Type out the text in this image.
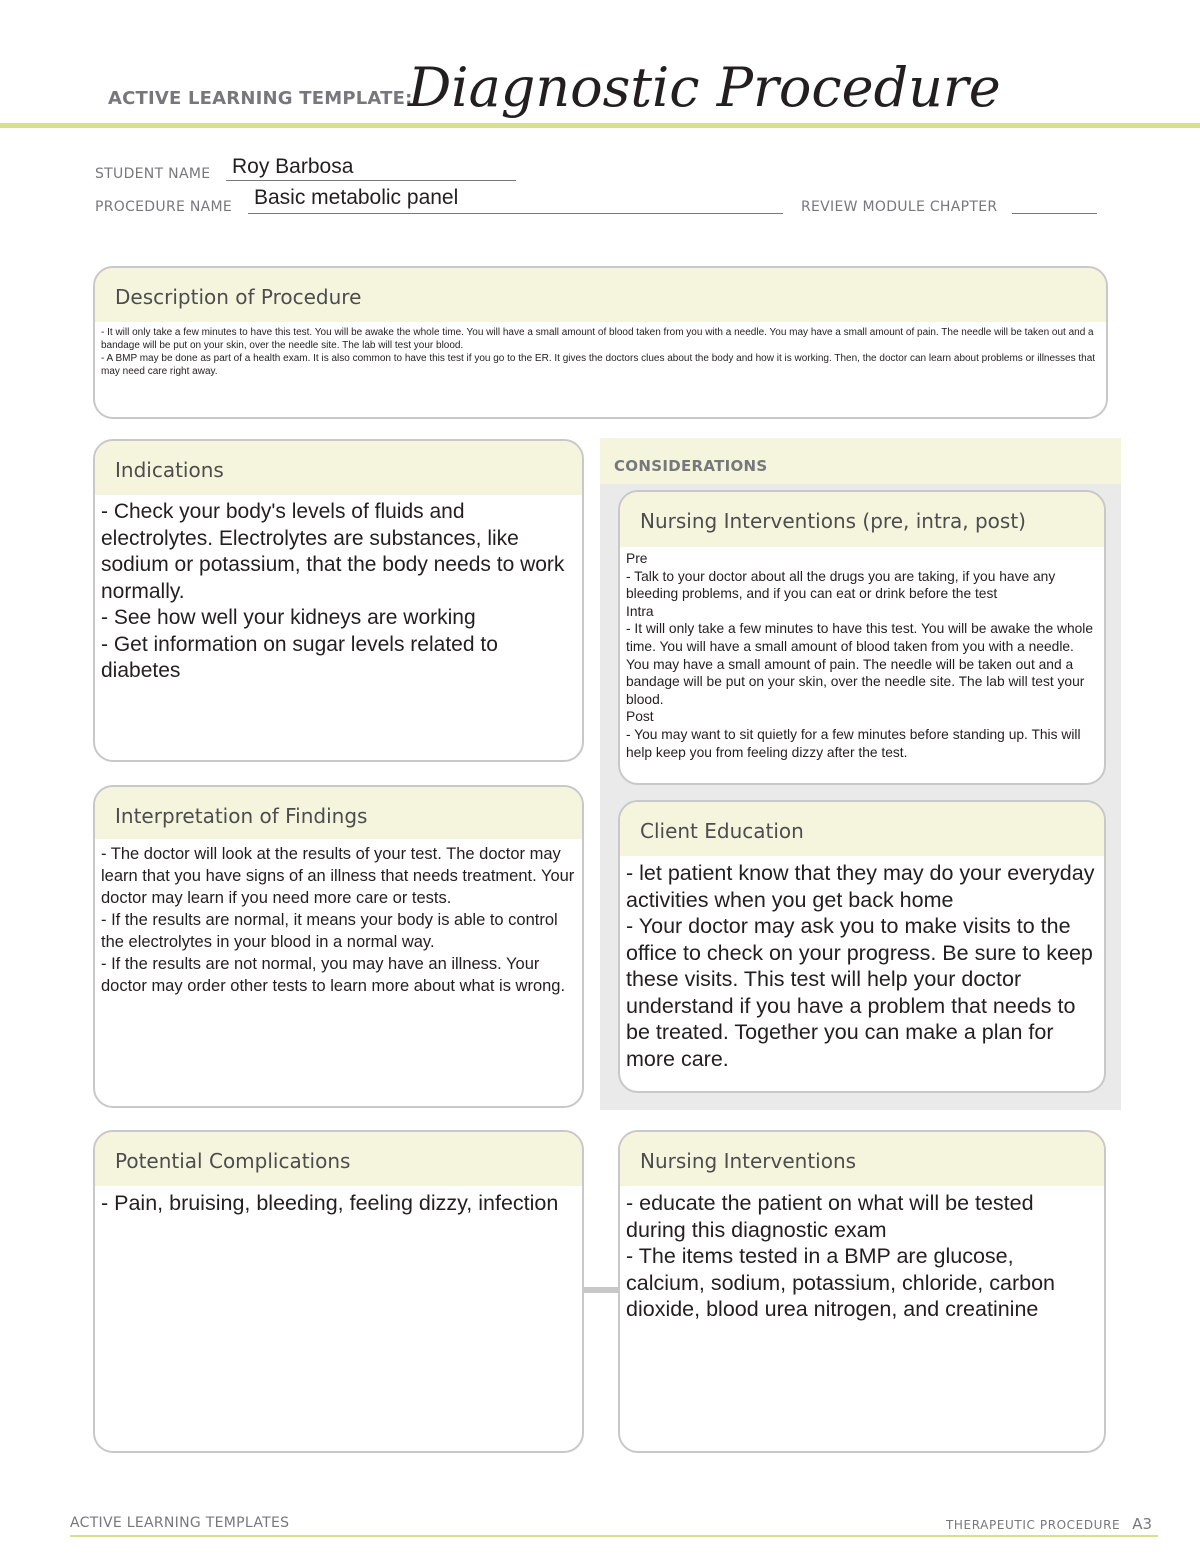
ACTIVE LEARNING TEMPLATE:
Diagnostic Procedure
STUDENT NAME Roy Barbosa
PROCEDURE NAME Basic metabolic panel	REVIEW MODULE CHAPTER
Description of Procedure
- It will only take a few minutes to have this test. You will be awake the whole time. You will have a small amount of blood taken from you with a needle. You may have a small amount of pain. The needle will be taken out and a bandage will be put on your skin, over the needle site. The lab will test your blood.
- A BMP may be done as part of a health exam. It is also common to have this test if you go to the ER. It gives the doctors clues about the body and how it is working. Then, the doctor can learn about problems or illnesses that may need care right away.
Indications
- Check your body's levels of fluids and electrolytes. Electrolytes are substances, like sodium or potassium, that the body needs to work normally.
- See how well your kidneys are working
- Get information on sugar levels related to diabetes
Interpretation of Findings
- The doctor will look at the results of your test. The doctor may learn that you have signs of an illness that needs treatment. Your doctor may learn if you need more care or tests.
- If the results are normal, it means your body is able to control the electrolytes in your blood in a normal way.
- If the results are not normal, you may have an illness. Your doctor may order other tests to learn more about what is wrong.
CONSIDERATIONS
Nursing Interventions (pre, intra, post)
Pre
- Talk to your doctor about all the drugs you are taking, if you have any bleeding problems, and if you can eat or drink before the test
Intra
- It will only take a few minutes to have this test. You will be awake the whole time. You will have a small amount of blood taken from you with a needle. You may have a small amount of pain. The needle will be taken out and a bandage will be put on your skin, over the needle site. The lab will test your blood.
Post
- You may want to sit quietly for a few minutes before standing up. This will help keep you from feeling dizzy after the test.
Client Education
- let patient know that they may do your everyday activities when you get back home
- Your doctor may ask you to make visits to the office to check on your progress. Be sure to keep these visits. This test will help your doctor understand if you have a problem that needs to be treated. Together you can make a plan for more care.
Potential Complications
- Pain, bruising, bleeding, feeling dizzy, infection
Nursing Interventions
- educate the patient on what will be tested during this diagnostic exam
- The items tested in a BMP are glucose, calcium, sodium, potassium, chloride, carbon dioxide, blood urea nitrogen, and creatinine
ACTIVE LEARNING TEMPLATES	THERAPEUTIC PROCEDURE A3
